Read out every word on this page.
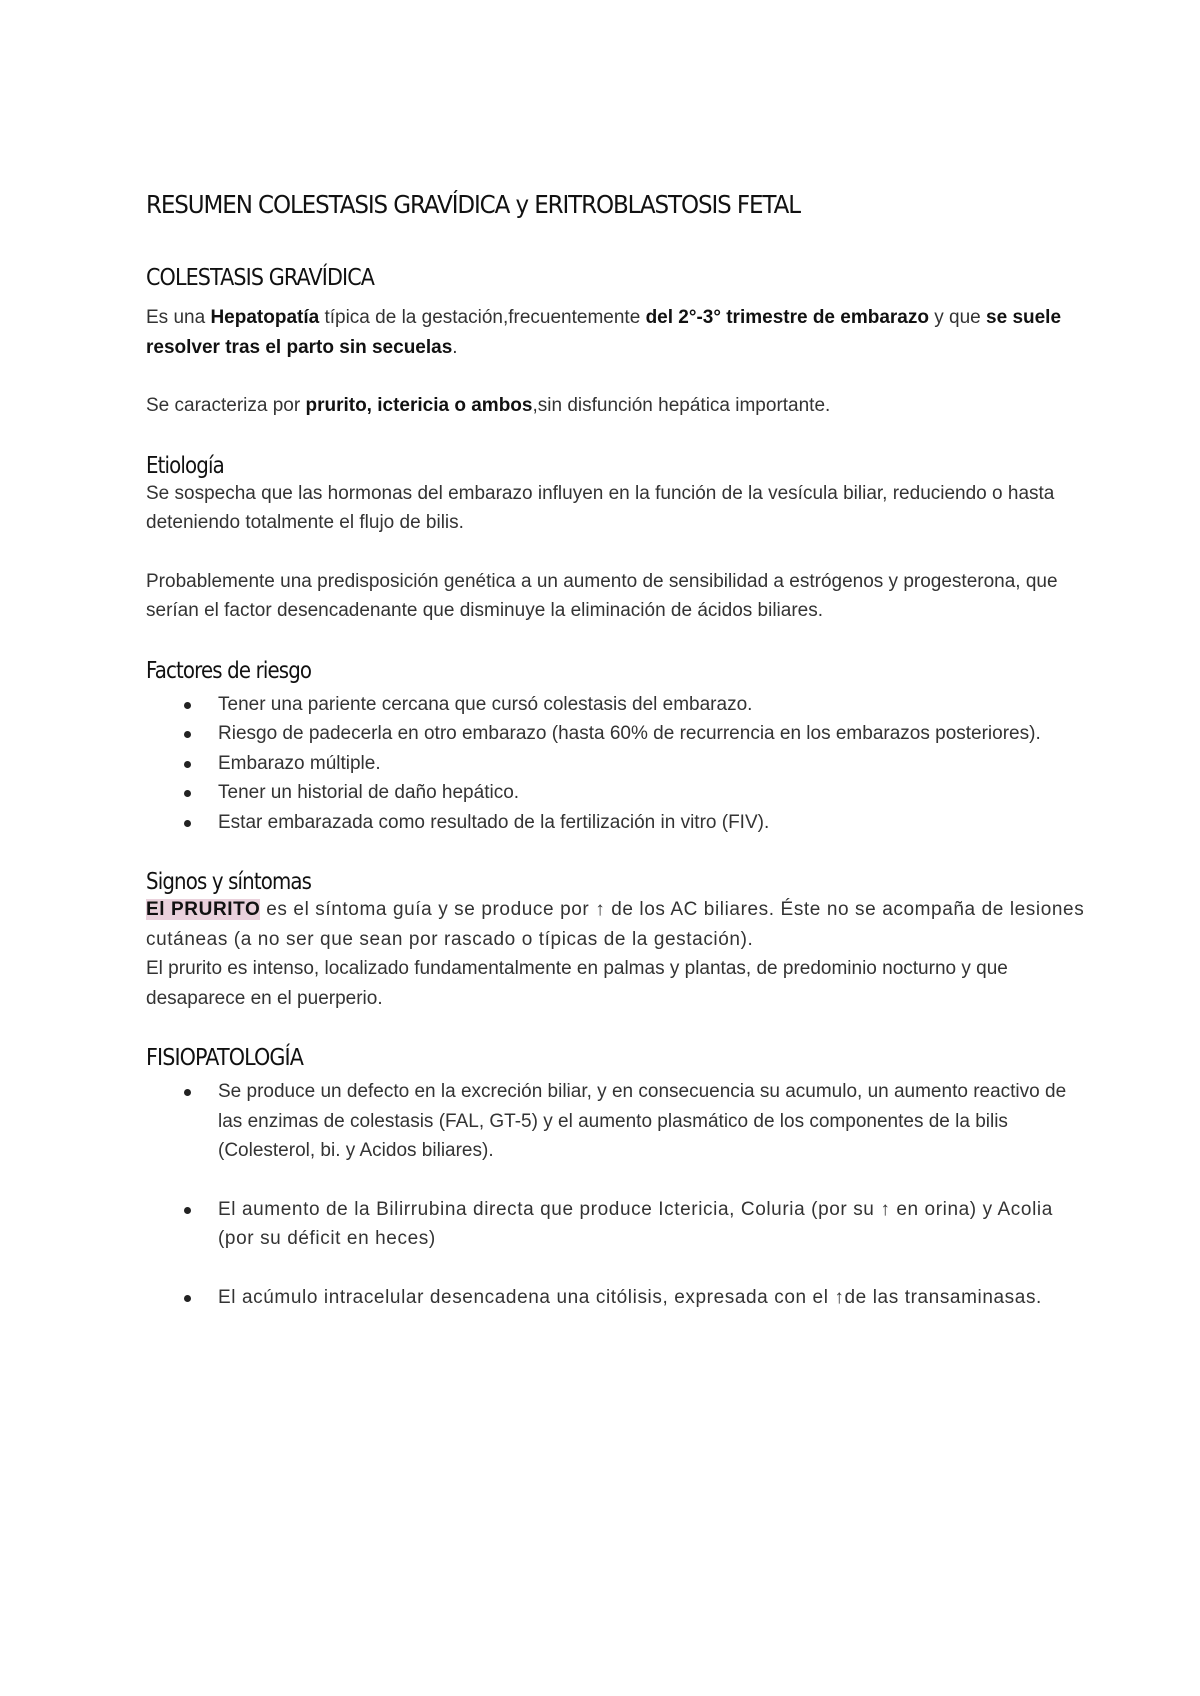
RESUMEN COLESTASIS GRAVÍDICA y ERITROBLASTOSIS FETAL
COLESTASIS GRAVÍDICA

Es una Hepatopatía típica de la gestación,frecuentemente del 2°-3° trimestre de embarazo y que se suele resolver tras el parto sin secuelas.

Se caracteriza por prurito, ictericia o ambos,sin disfunción hepática importante.

Etiología

Se sospecha que las hormonas del embarazo influyen en la función de la vesícula biliar, reduciendo o hasta deteniendo totalmente el flujo de bilis.

Probablemente una predisposición genética a un aumento de sensibilidad a estrógenos y progesterona, que serían el factor desencadenante que disminuye la eliminación de ácidos biliares.

Factores de riesgo
Tener una pariente cercana que cursó colestasis del embarazo.
Riesgo de padecerla en otro embarazo (hasta 60% de recurrencia en los embarazos posteriores).
Embarazo múltiple.
Tener un historial de daño hepático.
Estar embarazada como resultado de la fertilización in vitro (FIV).
Signos y síntomas

El PRURITO es el síntoma guía y se produce por ↑ de los AC biliares. Éste no se acompaña de lesiones cutáneas (a no ser que sean por rascado o típicas de la gestación).

El prurito es intenso, localizado fundamentalmente en palmas y plantas, de predominio nocturno y que desaparece en el puerperio.

FISIOPATOLOGÍA
Se produce un defecto en la excreción biliar, y en consecuencia su acumulo, un aumento reactivo de las enzimas de colestasis (FAL, GT-5) y el aumento plasmático de los componentes de la bilis (Colesterol, bi. y Acidos biliares).
El aumento de la Bilirrubina directa que produce Ictericia, Coluria (por su ↑ en orina) y Acolia (por su déficit en heces)
El acúmulo intracelular desencadena una citólisis, expresada con el ↑de las transaminasas.
